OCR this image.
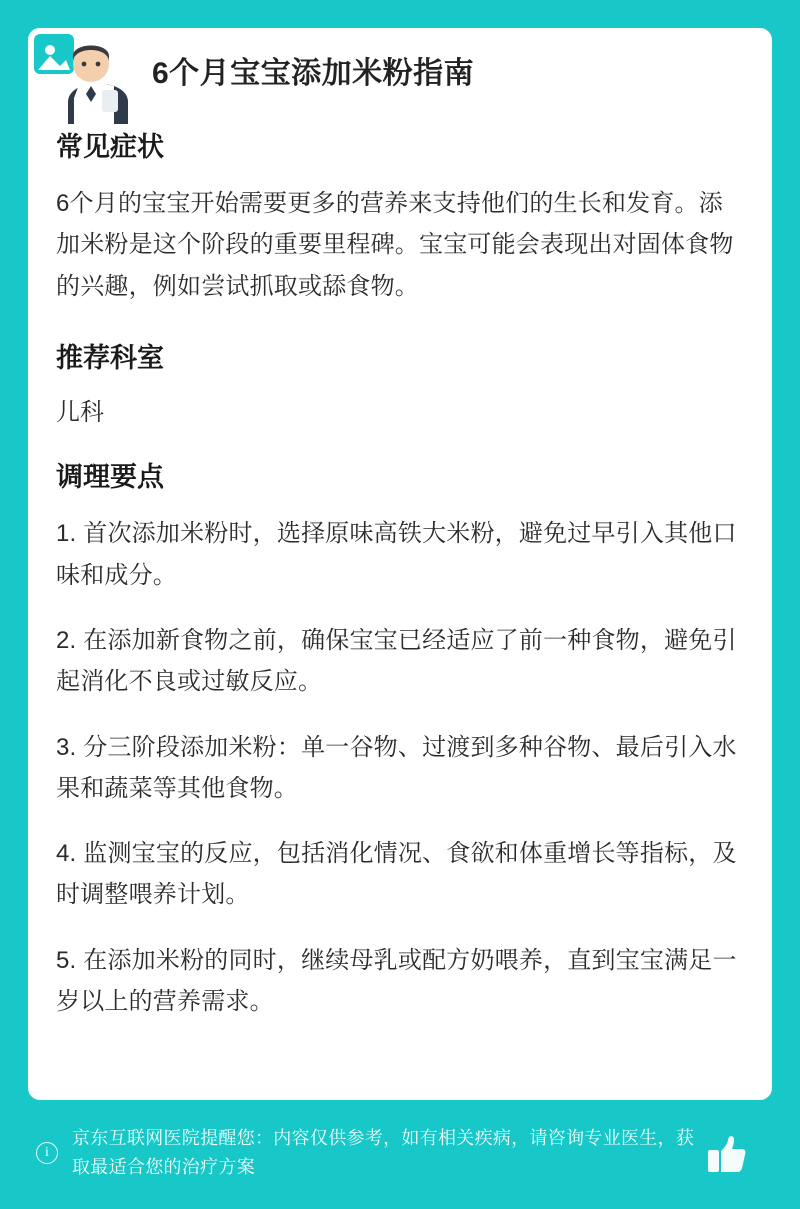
6个月宝宝添加米粉指南
常见症状

6个月的宝宝开始需要更多的营养来支持他们的生长和发育。添加米粉是这个阶段的重要里程碑。宝宝可能会表现出对固体食物的兴趣，例如尝试抓取或舔食物。

推荐科室

儿科

调理要点

1. 首次添加米粉时，选择原味高铁大米粉，避免过早引入其他口味和成分。

2. 在添加新食物之前，确保宝宝已经适应了前一种食物，避免引起消化不良或过敏反应。

3. 分三阶段添加米粉：单一谷物、过渡到多种谷物、最后引入水果和蔬菜等其他食物。

4. 监测宝宝的反应，包括消化情况、食欲和体重增长等指标，及时调整喂养计划。

5. 在添加米粉的同时，继续母乳或配方奶喂养，直到宝宝满足一岁以上的营养需求。

i
京东互联网医院提醒您：内容仅供参考，如有相关疾病，请咨询专业医生，获取最适合您的治疗方案
